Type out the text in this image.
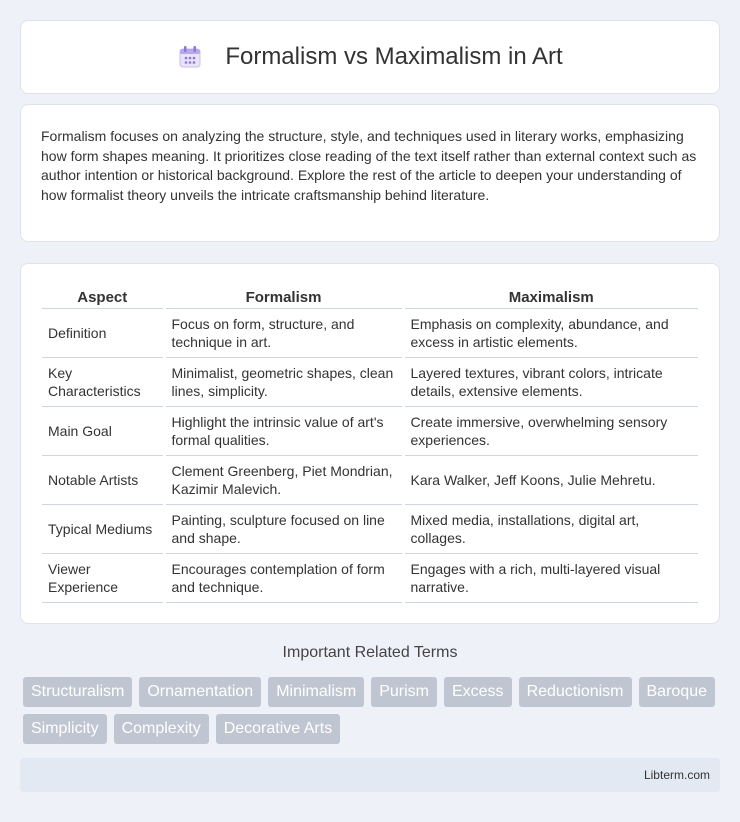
Formalism vs Maximalism in Art

Formalism focuses on analyzing the structure, style, and techniques used in literary works, emphasizing how form shapes meaning. It prioritizes close reading of the text itself rather than external context such as author intention or historical background. Explore the rest of the article to deepen your understanding of how formalist theory unveils the intricate craftsmanship behind literature.

Aspect	Formalism	Maximalism
Definition	Focus on form, structure, and technique in art.	Emphasis on complexity, abundance, and excess in artistic elements.
Key Characteristics	Minimalist, geometric shapes, clean lines, simplicity.	Layered textures, vibrant colors, intricate details, extensive elements.
Main Goal	Highlight the intrinsic value of art's formal qualities.	Create immersive, overwhelming sensory experiences.
Notable Artists	Clement Greenberg, Piet Mondrian, Kazimir Malevich.	Kara Walker, Jeff Koons, Julie Mehretu.
Typical Mediums	Painting, sculpture focused on line and shape.	Mixed media, installations, digital art, collages.
Viewer Experience	Encourages contemplation of form and technique.	Engages with a rich, multi-layered visual narrative.
Important Related Terms
Structuralism	Ornamentation	Minimalism	Purism	Excess	Reductionism	Baroque
Simplicity	Complexity	Decorative Arts
Libterm.com
